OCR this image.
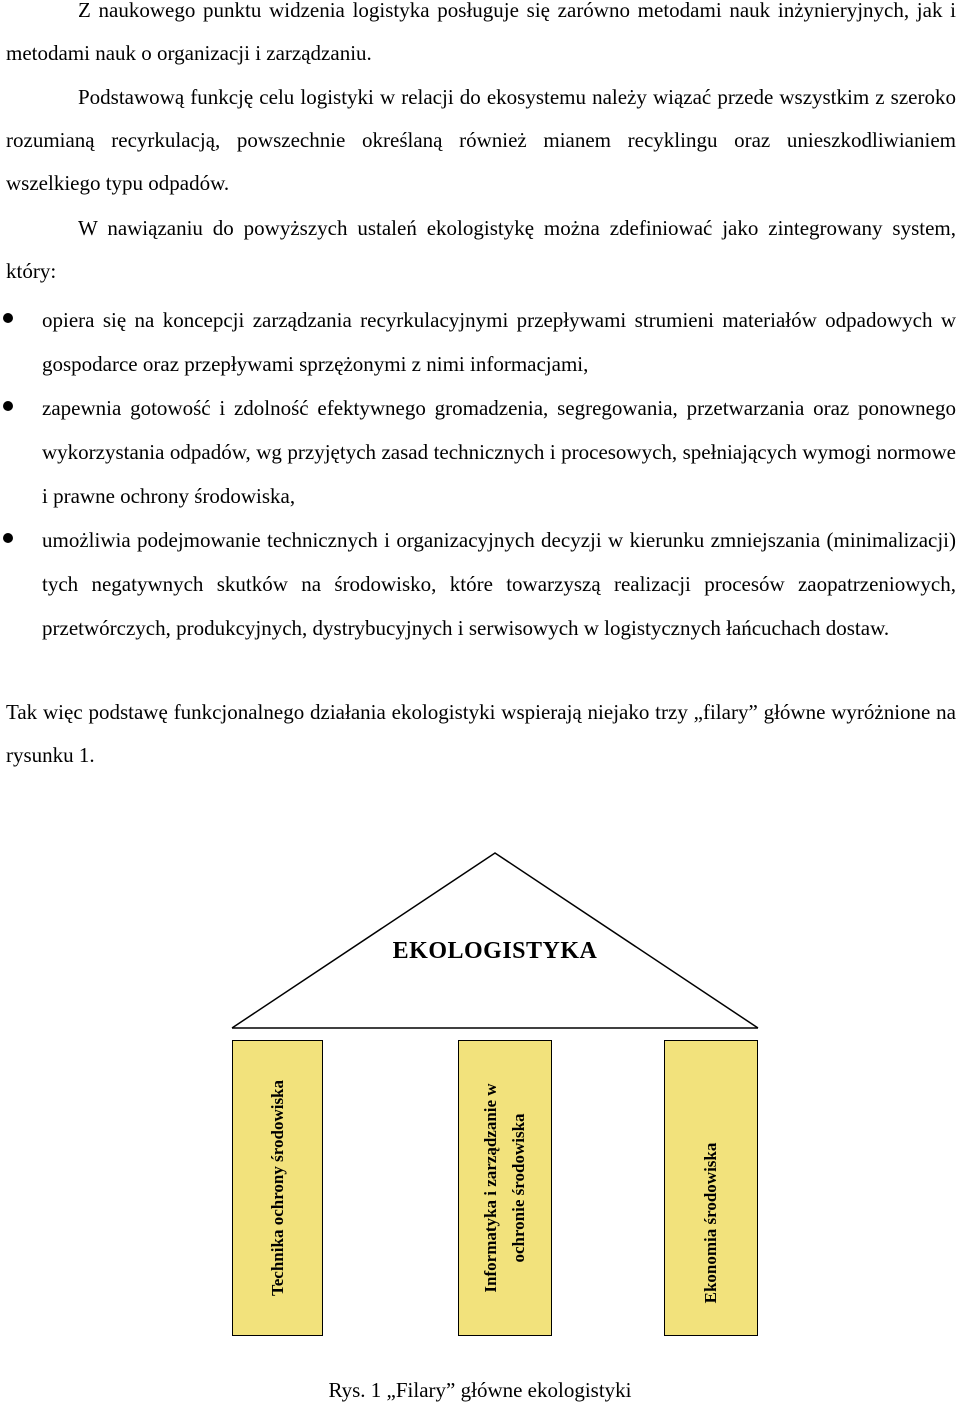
Z naukowego punktu widzenia logistyka posługuje się zarówno metodami nauk inżynieryjnych, jak i metodami nauk o organizacji i zarządzaniu.

Podstawową funkcję celu logistyki w relacji do ekosystemu należy wiązać przede wszystkim z szeroko rozumianą recyrkulacją, powszechnie określaną również mianem recyklingu oraz unieszkodliwianiem wszelkiego typu odpadów.

W nawiązaniu do powyższych ustaleń ekologistykę można zdefiniować jako zintegrowany system, który:

opiera się na koncepcji zarządzania recyrkulacyjnymi przepływami strumieni materiałów odpadowych w gospodarce oraz przepływami sprzężonymi z nimi informacjami,

zapewnia gotowość i zdolność efektywnego gromadzenia, segregowania, przetwarzania oraz ponownego wykorzystania odpadów, wg przyjętych zasad technicznych i procesowych, spełniających wymogi normowe i prawne ochrony środowiska,

umożliwia podejmowanie technicznych i organizacyjnych decyzji w kierunku zmniejszania (minimalizacji) tych negatywnych skutków na środowisko, które towarzyszą realizacji procesów zaopatrzeniowych, przetwórczych, produkcyjnych, dystrybucyjnych i serwisowych w logistycznych łańcuchach dostaw.

Tak więc podstawę funkcjonalnego działania ekologistyki wspierają niejako trzy „filary” główne wyróżnione na rysunku 1.

EKOLOGISTYKA
Technika ochrony środowiska	Informatyka i zarządzanie w ochronie środowiska	Ekonomia środowiska
Rys. 1 „Filary” główne ekologistyki
